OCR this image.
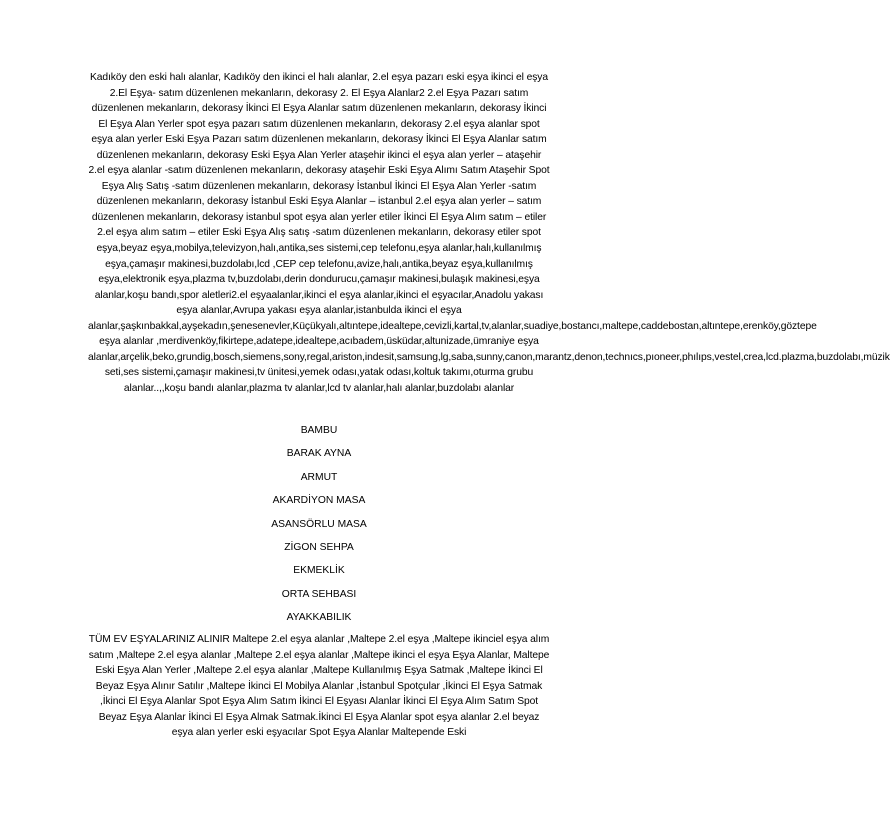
Kadıköy den eski halı alanlar, Kadıköy den ikinci el halı alanlar, 2.el eşya pazarı eski eşya ikinci el eşya 2.El Eşya- satım düzenlenen mekanların, dekorasy 2. El Eşya Alanlar2 2.el Eşya Pazarı satım düzenlenen mekanların, dekorasy İkinci El Eşya Alanlar satım düzenlenen mekanların, dekorasy İkinci El Eşya Alan Yerler spot eşya pazarı satım düzenlenen mekanların, dekorasy 2.el eşya alanlar spot eşya alan yerler Eski Eşya Pazarı satım düzenlenen mekanların, dekorasy İkinci El Eşya Alanlar satım düzenlenen mekanların, dekorasy Eski Eşya Alan Yerler ataşehir ikinci el eşya alan yerler – ataşehir 2.el eşya alanlar -satım düzenlenen mekanların, dekorasy ataşehir Eski Eşya Alımı Satım Ataşehir Spot Eşya Alış Satış -satım düzenlenen mekanların, dekorasy İstanbul İkinci El Eşya Alan Yerler -satım düzenlenen mekanların, dekorasy İstanbul Eski Eşya Alanlar – istanbul 2.el eşya alan yerler – satım düzenlenen mekanların, dekorasy istanbul spot eşya alan yerler etiler İkinci El Eşya Alım satım – etiler 2.el eşya alım satım – etiler Eski Eşya Alış satış -satım düzenlenen mekanların, dekorasy etiler spot eşya,beyaz eşya,mobilya,televizyon,halı,antika,ses sistemi,cep telefonu,eşya alanlar,halı,kullanılmış eşya,çamaşır makinesi,buzdolabı,lcd ,CEP cep telefonu,avize,halı,antika,beyaz eşya,kullanılmış eşya,elektronik eşya,plazma tv,buzdolabı,derin dondurucu,çamaşır makinesi,bulaşık makinesi,eşya alanlar,koşu bandı,spor aletleri2.el eşyaalanlar,ikinci el eşya alanlar,ikinci el eşyacılar,Anadolu yakası eşya alanlar,Avrupa yakası eşya alanlar,istanbulda ikinci el eşya alanlar,şaşkınbakkal,ayşekadın,şenesenevler,Küçükyalı,altıntepe,idealtepe,cevizli,kartal,tv,alanlar,suadiye,bostancı,maltepe,caddebostan,altıntepe,erenköy,göztepe eşya alanlar ,merdivenköy,fikirtepe,adatepe,idealtepe,acıbadem,üsküdar,altunizade,ümraniye eşya alanlar,arçelik,beko,grundig,bosch,siemens,sony,regal,ariston,indesit,samsung,lg,saba,sunny,canon,marantz,denon,technıcs,pıoneer,phılıps,vestel,crea,lcd.plazma,buzdolabı,müzik seti,ses sistemi,çamaşır makinesi,tv ünitesi,yemek odası,yatak odası,koltuk takımı,oturma grubu alanlar..,,koşu bandı alanlar,plazma tv alanlar,lcd tv alanlar,halı alanlar,buzdolabı alanlar

BAMBU
BARAK AYNA
ARMUT
AKARDİYON MASA
ASANSÖRLU MASA
ZİGON SEHPA
EKMEKLİK
ORTA SEHBASI
AYAKKABILIK

TÜM EV EŞYALARINIZ ALINIR Maltepe 2.el eşya alanlar ,Maltepe 2.el eşya ,Maltepe ikinciel eşya alım satım ,Maltepe 2.el eşya alanlar ,Maltepe 2.el eşya alanlar ,Maltepe ikinci el eşya Eşya Alanlar, Maltepe Eski Eşya Alan Yerler ,Maltepe 2.el eşya alanlar ,Maltepe Kullanılmış Eşya Satmak ,Maltepe İkinci El Beyaz Eşya Alınır Satılır ,Maltepe İkinci El Mobilya Alanlar ,İstanbul Spotçular ,İkinci El Eşya Satmak ,İkinci El Eşya Alanlar Spot Eşya Alım Satım İkinci El Eşyası Alanlar İkinci El Eşya Alım Satım Spot Beyaz Eşya Alanlar İkinci El Eşya Almak Satmak.İkinci El Eşya Alanlar spot eşya alanlar 2.el beyaz eşya alan yerler eski eşyacılar Spot Eşya Alanlar Maltepende Eski
